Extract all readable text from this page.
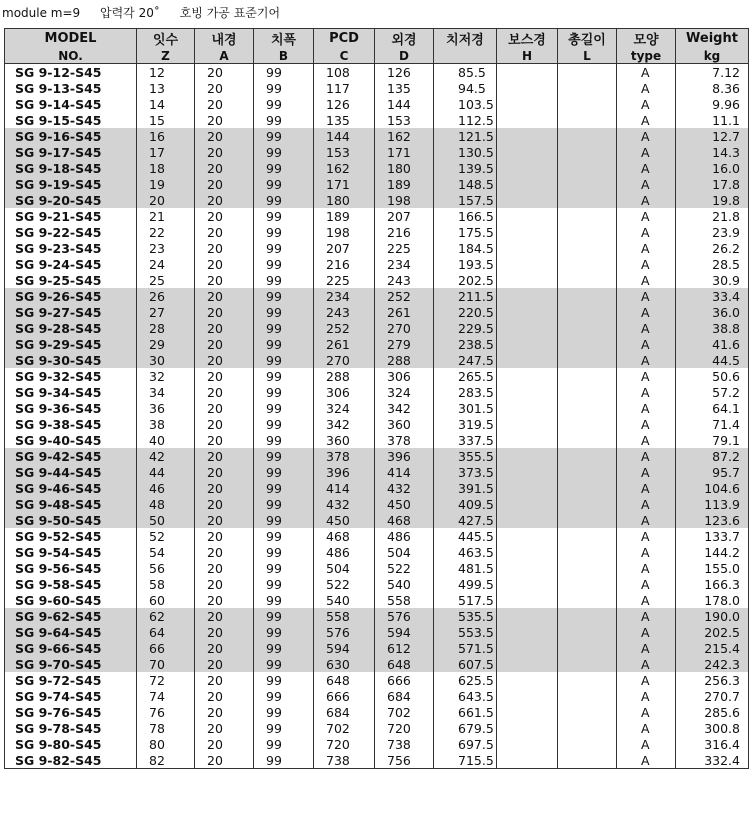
module m=9 압력각 20˚ 호빙 가공 표준기어
MODEL	잇수	내경	치폭	PCD	외경	치저경	보스경	총길이	모양	Weight
NO.	Z	A	B	C	D		H	L	type	kg
SG 9-12-S45	12	20	99	108	126	85.5			A	7.12
SG 9-13-S45	13	20	99	117	135	94.5			A	8.36
SG 9-14-S45	14	20	99	126	144	103.5			A	9.96
SG 9-15-S45	15	20	99	135	153	112.5			A	11.1
SG 9-16-S45	16	20	99	144	162	121.5			A	12.7
SG 9-17-S45	17	20	99	153	171	130.5			A	14.3
SG 9-18-S45	18	20	99	162	180	139.5			A	16.0
SG 9-19-S45	19	20	99	171	189	148.5			A	17.8
SG 9-20-S45	20	20	99	180	198	157.5			A	19.8
SG 9-21-S45	21	20	99	189	207	166.5			A	21.8
SG 9-22-S45	22	20	99	198	216	175.5			A	23.9
SG 9-23-S45	23	20	99	207	225	184.5			A	26.2
SG 9-24-S45	24	20	99	216	234	193.5			A	28.5
SG 9-25-S45	25	20	99	225	243	202.5			A	30.9
SG 9-26-S45	26	20	99	234	252	211.5			A	33.4
SG 9-27-S45	27	20	99	243	261	220.5			A	36.0
SG 9-28-S45	28	20	99	252	270	229.5			A	38.8
SG 9-29-S45	29	20	99	261	279	238.5			A	41.6
SG 9-30-S45	30	20	99	270	288	247.5			A	44.5
SG 9-32-S45	32	20	99	288	306	265.5			A	50.6
SG 9-34-S45	34	20	99	306	324	283.5			A	57.2
SG 9-36-S45	36	20	99	324	342	301.5			A	64.1
SG 9-38-S45	38	20	99	342	360	319.5			A	71.4
SG 9-40-S45	40	20	99	360	378	337.5			A	79.1
SG 9-42-S45	42	20	99	378	396	355.5			A	87.2
SG 9-44-S45	44	20	99	396	414	373.5			A	95.7
SG 9-46-S45	46	20	99	414	432	391.5			A	104.6
SG 9-48-S45	48	20	99	432	450	409.5			A	113.9
SG 9-50-S45	50	20	99	450	468	427.5			A	123.6
SG 9-52-S45	52	20	99	468	486	445.5			A	133.7
SG 9-54-S45	54	20	99	486	504	463.5			A	144.2
SG 9-56-S45	56	20	99	504	522	481.5			A	155.0
SG 9-58-S45	58	20	99	522	540	499.5			A	166.3
SG 9-60-S45	60	20	99	540	558	517.5			A	178.0
SG 9-62-S45	62	20	99	558	576	535.5			A	190.0
SG 9-64-S45	64	20	99	576	594	553.5			A	202.5
SG 9-66-S45	66	20	99	594	612	571.5			A	215.4
SG 9-70-S45	70	20	99	630	648	607.5			A	242.3
SG 9-72-S45	72	20	99	648	666	625.5			A	256.3
SG 9-74-S45	74	20	99	666	684	643.5			A	270.7
SG 9-76-S45	76	20	99	684	702	661.5			A	285.6
SG 9-78-S45	78	20	99	702	720	679.5			A	300.8
SG 9-80-S45	80	20	99	720	738	697.5			A	316.4
SG 9-82-S45	82	20	99	738	756	715.5			A	332.4
